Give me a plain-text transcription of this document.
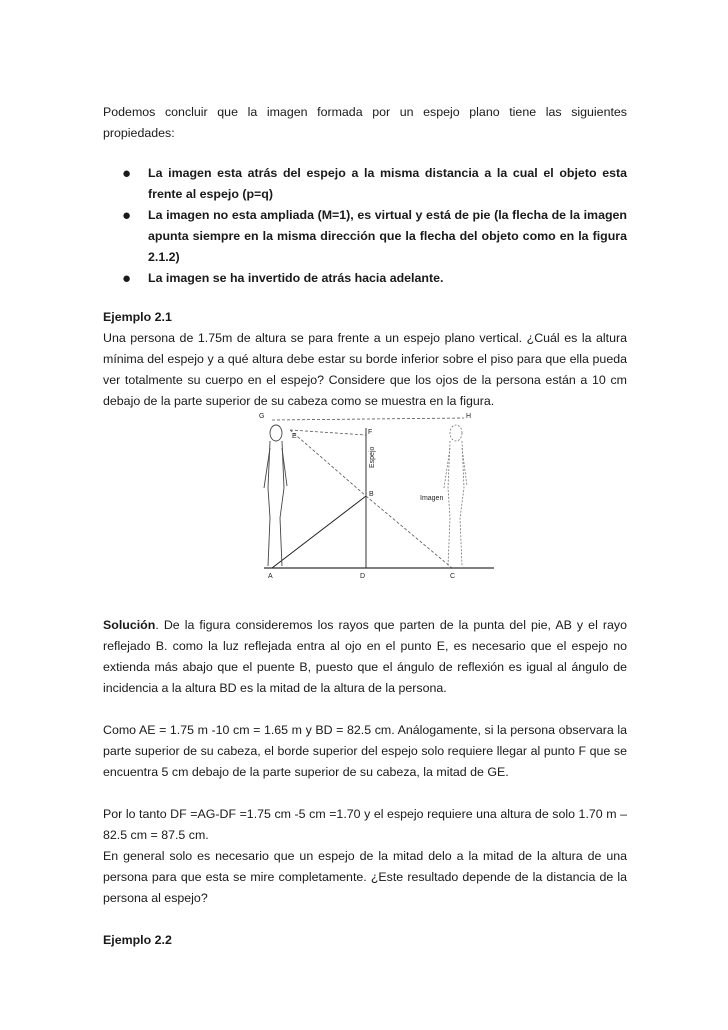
Podemos concluir que la imagen formada por un espejo plano tiene las siguientes propiedades:

● La imagen esta atrás del espejo a la misma distancia a la cual el objeto esta frente al espejo (p=q)
● La imagen no esta ampliada (M=1), es virtual y está de pie (la flecha de la imagen apunta siempre en la misma dirección que la flecha del objeto como en la figura 2.1.2)
● La imagen se ha invertido de atrás hacia adelante.

Ejemplo 2.1

Una persona de 1.75m de altura se para frente a un espejo plano vertical. ¿Cuál es la altura mínima del espejo y a qué altura debe estar su borde inferior sobre el piso para que ella pueda ver totalmente su cuerpo en el espejo? Considere que los ojos de la persona están a 10 cm debajo de la parte superior de su cabeza como se muestra en la figura.

Solución. De la figura consideremos los rayos que parten de la punta del pie, AB y el rayo reflejado B. como la luz reflejada entra al ojo en el punto E, es necesario que el espejo no extienda más abajo que el puente B, puesto que el ángulo de reflexión es igual al ángulo de incidencia a la altura BD es la mitad de la altura de la persona.

Como AE = 1.75 m -10 cm = 1.65 m y BD = 82.5 cm. Análogamente, si la persona observara la parte superior de su cabeza, el borde superior del espejo solo requiere llegar al punto F que se encuentra 5 cm debajo de la parte superior de su cabeza, la mitad de GE.

Por lo tanto DF =AG-DF =1.75 cm -5 cm =1.70 y el espejo requiere una altura de solo 1.70 m – 82.5 cm = 87.5 cm.

En general solo es necesario que un espejo de la mitad delo a la mitad de la altura de una persona para que esta se mire completamente. ¿Este resultado depende de la distancia de la persona al espejo?

Ejemplo 2.2

G	H
E
F
B
A	D	C
Espejo
Imagen
